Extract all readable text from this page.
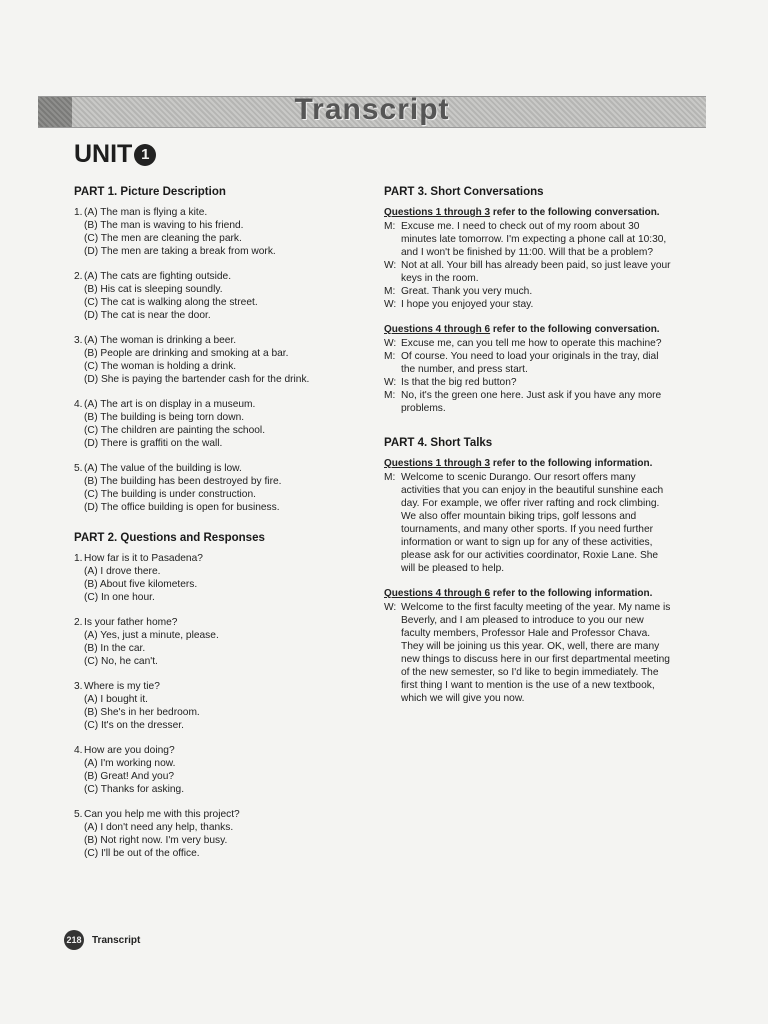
Transcript
UNIT 1
PART 1. Picture Description
1. (A) The man is flying a kite.
(B) The man is waving to his friend.
(C) The men are cleaning the park.
(D) The men are taking a break from work.
2. (A) The cats are fighting outside.
(B) His cat is sleeping soundly.
(C) The cat is walking along the street.
(D) The cat is near the door.
3. (A) The woman is drinking a beer.
(B) People are drinking and smoking at a bar.
(C) The woman is holding a drink.
(D) She is paying the bartender cash for the drink.
4. (A) The art is on display in a museum.
(B) The building is being torn down.
(C) The children are painting the school.
(D) There is graffiti on the wall.
5. (A) The value of the building is low.
(B) The building has been destroyed by fire.
(C) The building is under construction.
(D) The office building is open for business.
PART 2. Questions and Responses
1. How far is it to Pasadena?
(A) I drove there.
(B) About five kilometers.
(C) In one hour.
2. Is your father home?
(A) Yes, just a minute, please.
(B) In the car.
(C) No, he can't.
3. Where is my tie?
(A) I bought it.
(B) She's in her bedroom.
(C) It's on the dresser.
4. How are you doing?
(A) I'm working now.
(B) Great! And you?
(C) Thanks for asking.
5. Can you help me with this project?
(A) I don't need any help, thanks.
(B) Not right now. I'm very busy.
(C) I'll be out of the office.
PART 3. Short Conversations
Questions 1 through 3 refer to the following conversation.
M: Excuse me. I need to check out of my room about 30 minutes late tomorrow. I'm expecting a phone call at 10:30, and I won't be finished by 11:00. Will that be a problem?
W: Not at all. Your bill has already been paid, so just leave your keys in the room.
M: Great. Thank you very much.
W: I hope you enjoyed your stay.
Questions 4 through 6 refer to the following conversation.
W: Excuse me, can you tell me how to operate this machine?
M: Of course. You need to load your originals in the tray, dial the number, and press start.
W: Is that the big red button?
M: No, it's the green one here. Just ask if you have any more problems.
PART 4. Short Talks
Questions 1 through 3 refer to the following information.
M: Welcome to scenic Durango. Our resort offers many activities that you can enjoy in the beautiful sunshine each day. For example, we offer river rafting and rock climbing. We also offer mountain biking trips, golf lessons and tournaments, and many other sports. If you need further information or want to sign up for any of these activities, please ask for our activities coordinator, Roxie Lane. She will be pleased to help.
Questions 4 through 6 refer to the following information.
W: Welcome to the first faculty meeting of the year. My name is Beverly, and I am pleased to introduce to you our new faculty members, Professor Hale and Professor Chava. They will be joining us this year. OK, well, there are many new things to discuss here in our first departmental meeting of the new semester, so I'd like to begin immediately. The first thing I want to mention is the use of a new textbook, which we will give you now.
218 Transcript
